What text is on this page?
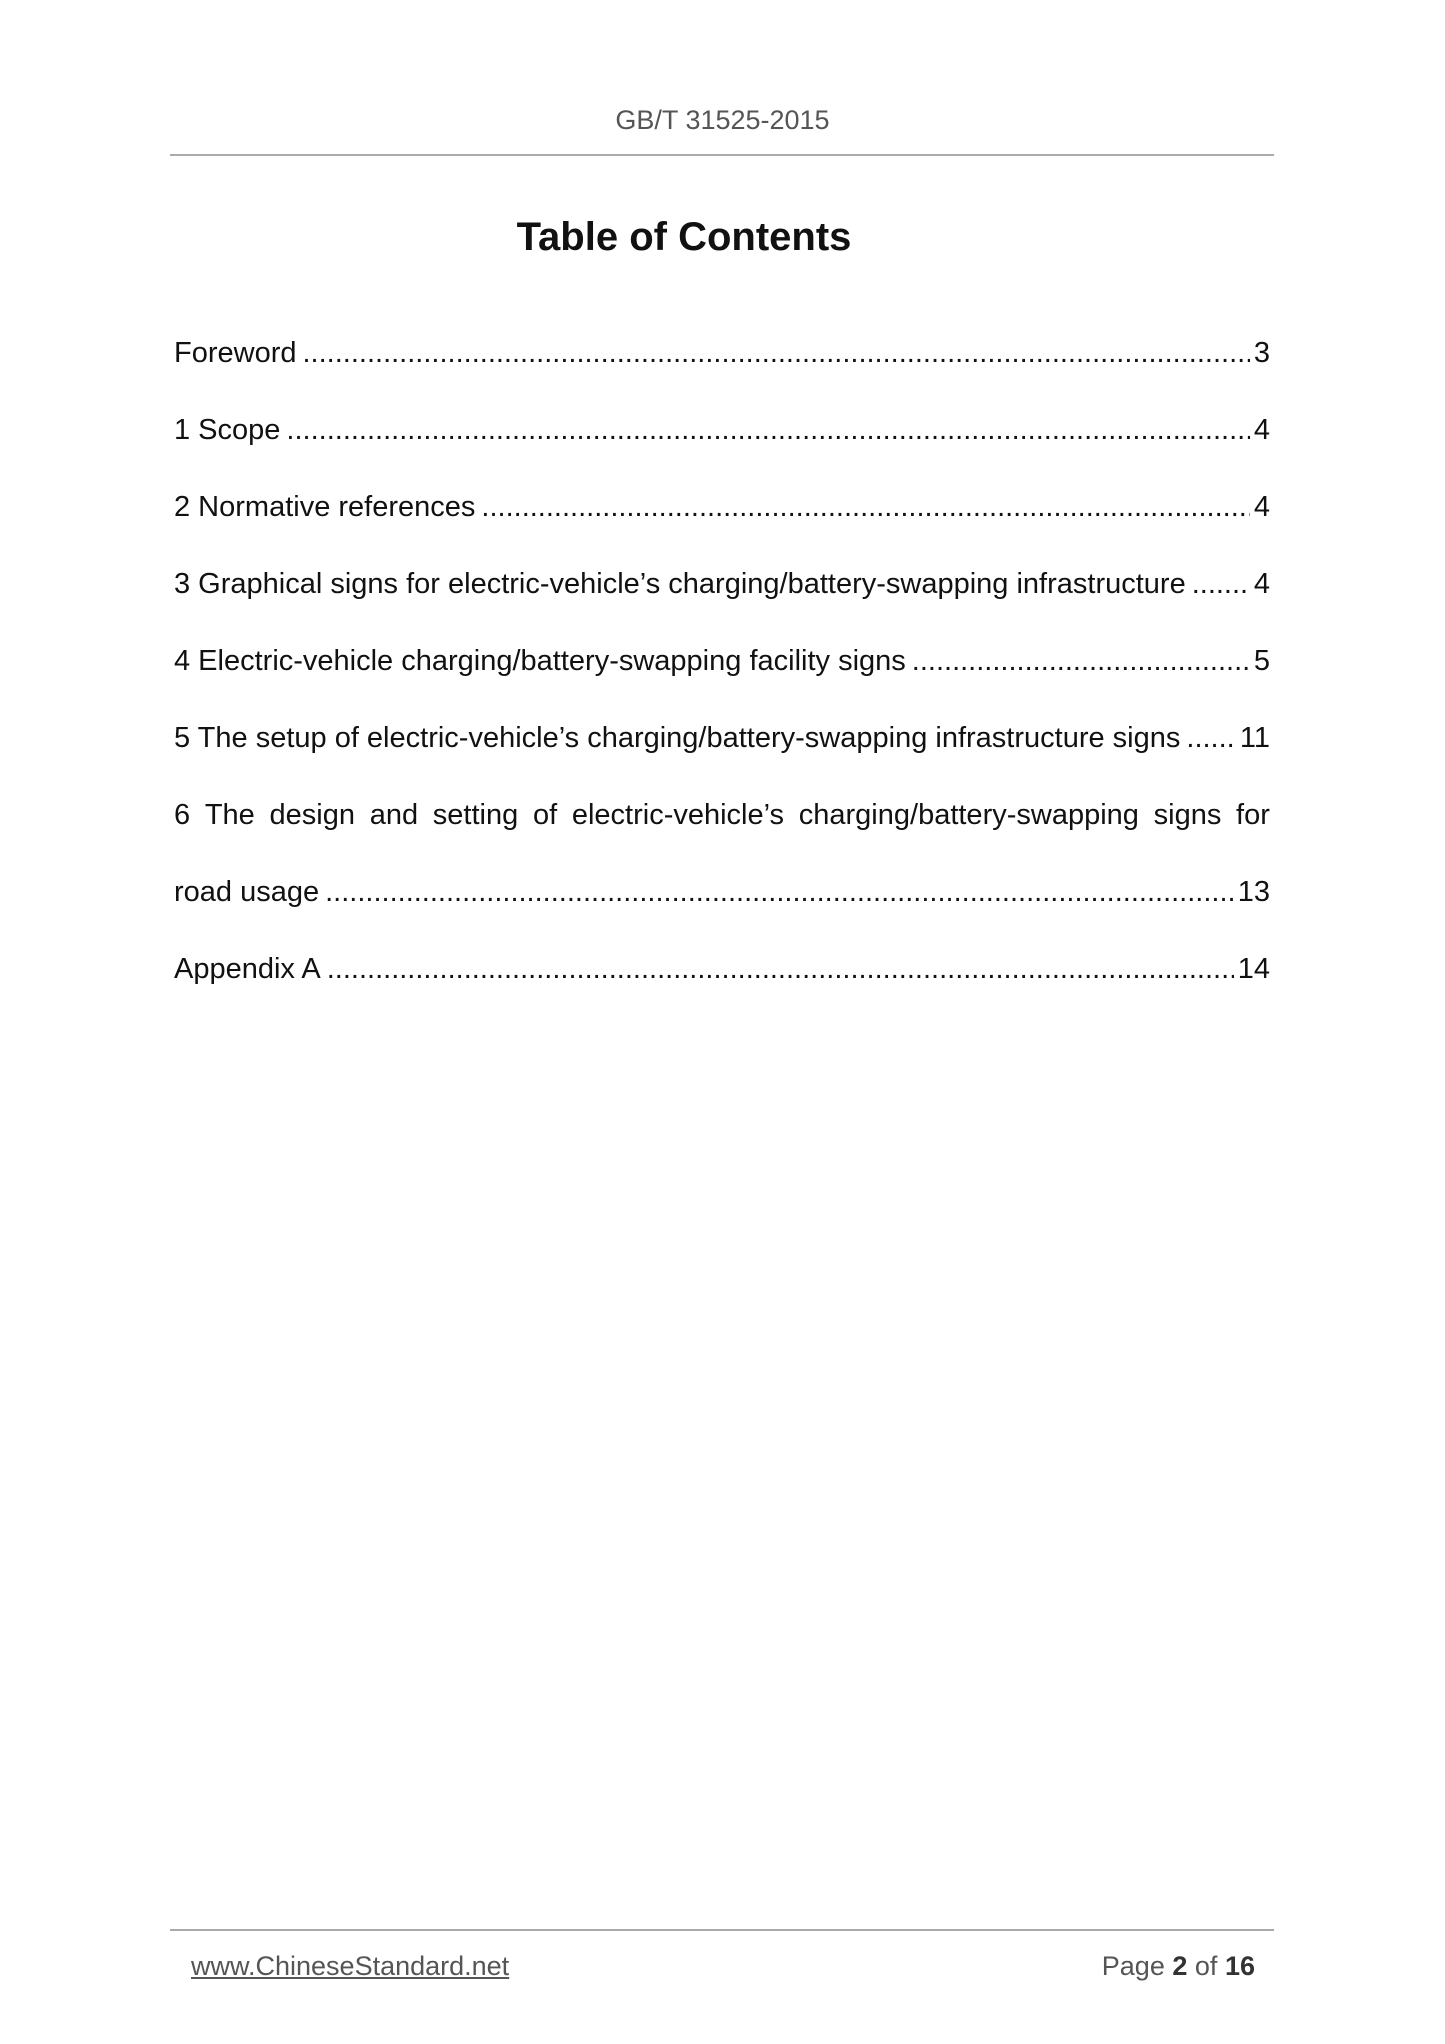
GB/T 31525-2015
Table of Contents
Foreword .....	3
1 Scope .....	4
2 Normative references .....	4
3 Graphical signs for electric-vehicle’s charging/battery-swapping infrastructure ..... 4
4 Electric-vehicle charging/battery-swapping facility signs .....	5
5 The setup of electric-vehicle’s charging/battery-swapping infrastructure signs ..... 11
6 The design and setting of electric-vehicle’s charging/battery-swapping signs for
road usage .....	13
Appendix A .....	14
www.ChineseStandard.net	Page 2 of 16
